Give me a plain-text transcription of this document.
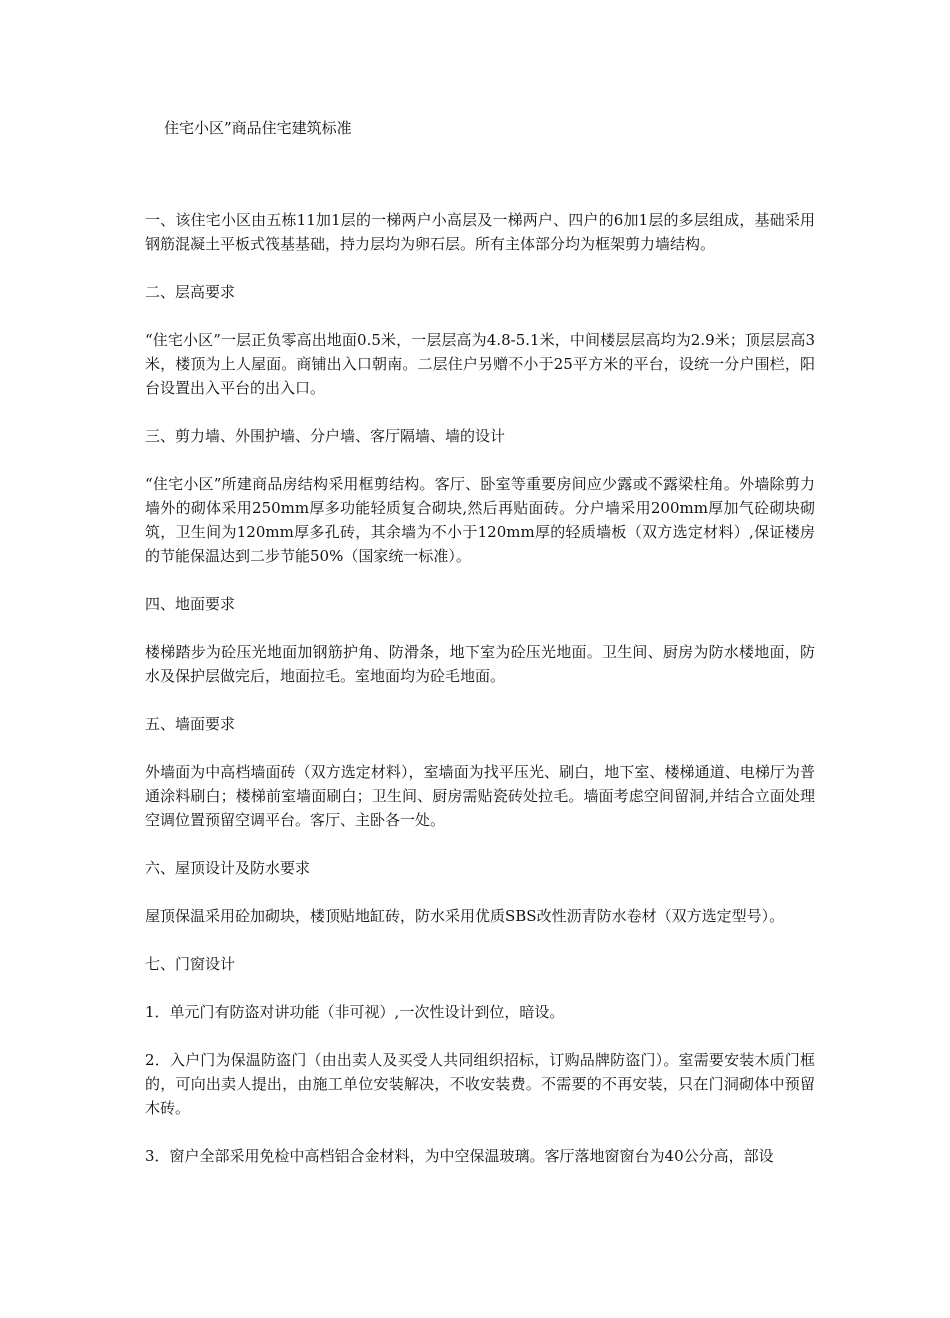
住宅小区”商品住宅建筑标准

一、该住宅小区由五栋11加1层的一梯两户小高层及一梯两户、四户的6加1层的多层组成，基础采用钢筋混凝土平板式筏基基础，持力层均为卵石层。所有主体部分均为框架剪力墙结构。

二、层高要求

“住宅小区”一层正负零高出地面0.5米，一层层高为4.8-5.1米，中间楼层层高均为2.9米；顶层层高3米，楼顶为上人屋面。商铺出入口朝南。二层住户另赠不小于25平方米的平台，设统一分户围栏，阳台设置出入平台的出入口。

三、剪力墙、外围护墙、分户墙、客厅隔墙、墙的设计

“住宅小区”所建商品房结构采用框剪结构。客厅、卧室等重要房间应少露或不露梁柱角。外墙除剪力墙外的砌体采用250mm厚多功能轻质复合砌块,然后再贴面砖。分户墙采用200mm厚加气砼砌块砌筑，卫生间为120mm厚多孔砖，其余墙为不小于120mm厚的轻质墙板（双方选定材料）,保证楼房的节能保温达到二步节能50%（国家统一标准）。

四、地面要求

楼梯踏步为砼压光地面加钢筋护角、防滑条，地下室为砼压光地面。卫生间、厨房为防水楼地面，防水及保护层做完后，地面拉毛。室地面均为砼毛地面。

五、墙面要求

外墙面为中高档墙面砖（双方选定材料），室墙面为找平压光、刷白，地下室、楼梯通道、电梯厅为普通涂料刷白；楼梯前室墙面刷白；卫生间、厨房需贴瓷砖处拉毛。墙面考虑空间留洞,并结合立面处理空调位置预留空调平台。客厅、主卧各一处。

六、屋顶设计及防水要求

屋顶保温采用砼加砌块，楼顶贴地缸砖，防水采用优质SBS改性沥青防水卷材（双方选定型号）。

七、门窗设计

1．单元门有防盗对讲功能（非可视）,一次性设计到位，暗设。

2．入户门为保温防盗门（由出卖人及买受人共同组织招标，订购品牌防盗门）。室需要安装木质门框的，可向出卖人提出，由施工单位安装解决，不收安装费。不需要的不再安装，只在门洞砌体中预留木砖。

3．窗户全部采用免检中高档铝合金材料，为中空保温玻璃。客厅落地窗窗台为40公分高，部设
